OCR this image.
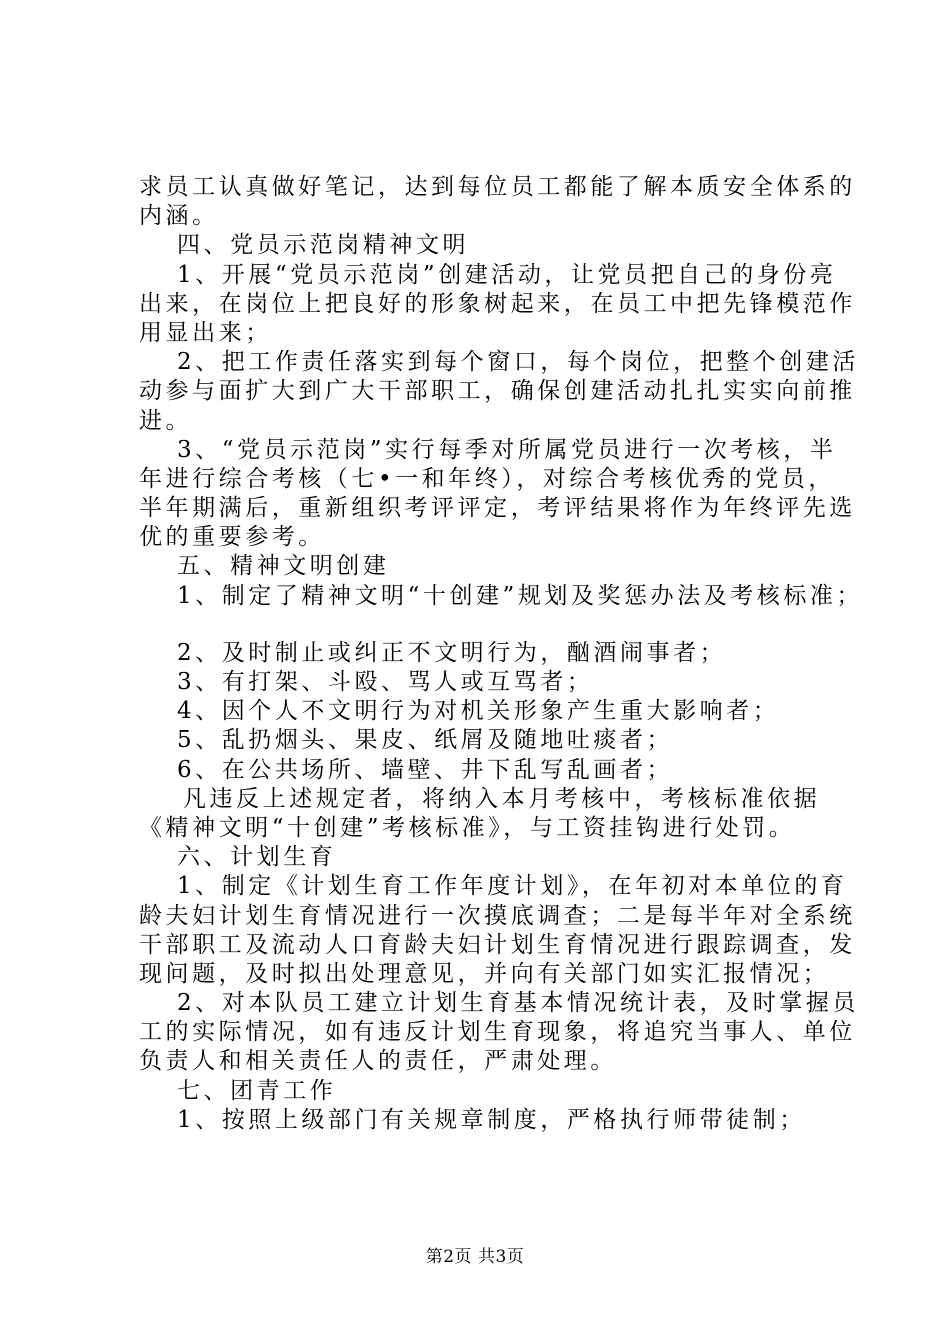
求员工认真做好笔记，达到每位员工都能了解本质安全体系的
内涵。
四、党员示范岗精神文明
1、开展“党员示范岗”创建活动，让党员把自己的身份亮
出来，在岗位上把良好的形象树起来，在员工中把先锋模范作
用显出来；
2、把工作责任落实到每个窗口，每个岗位，把整个创建活
动参与面扩大到广大干部职工，确保创建活动扎扎实实向前推
进。
3、“党员示范岗”实行每季对所属党员进行一次考核，半
年进行综合考核（七•一和年终），对综合考核优秀的党员，
半年期满后，重新组织考评评定，考评结果将作为年终评先选
优的重要参考。
五、精神文明创建
1、制定了精神文明“十创建”规划及奖惩办法及考核标准；
2、及时制止或纠正不文明行为，酗酒闹事者；
3、有打架、斗殴、骂人或互骂者；
4、因个人不文明行为对机关形象产生重大影响者；
5、乱扔烟头、果皮、纸屑及随地吐痰者；
6、在公共场所、墙壁、井下乱写乱画者；
凡违反上述规定者，将纳入本月考核中，考核标准依据
《精神文明“十创建”考核标准》，与工资挂钩进行处罚。
六、计划生育
1、制定《计划生育工作年度计划》，在年初对本单位的育
龄夫妇计划生育情况进行一次摸底调查；二是每半年对全系统
干部职工及流动人口育龄夫妇计划生育情况进行跟踪调查，发
现问题，及时拟出处理意见，并向有关部门如实汇报情况；
2、对本队员工建立计划生育基本情况统计表，及时掌握员
工的实际情况，如有违反计划生育现象，将追究当事人、单位
负责人和相关责任人的责任，严肃处理。
七、团青工作
1、按照上级部门有关规章制度，严格执行师带徒制；
第2页 共3页
